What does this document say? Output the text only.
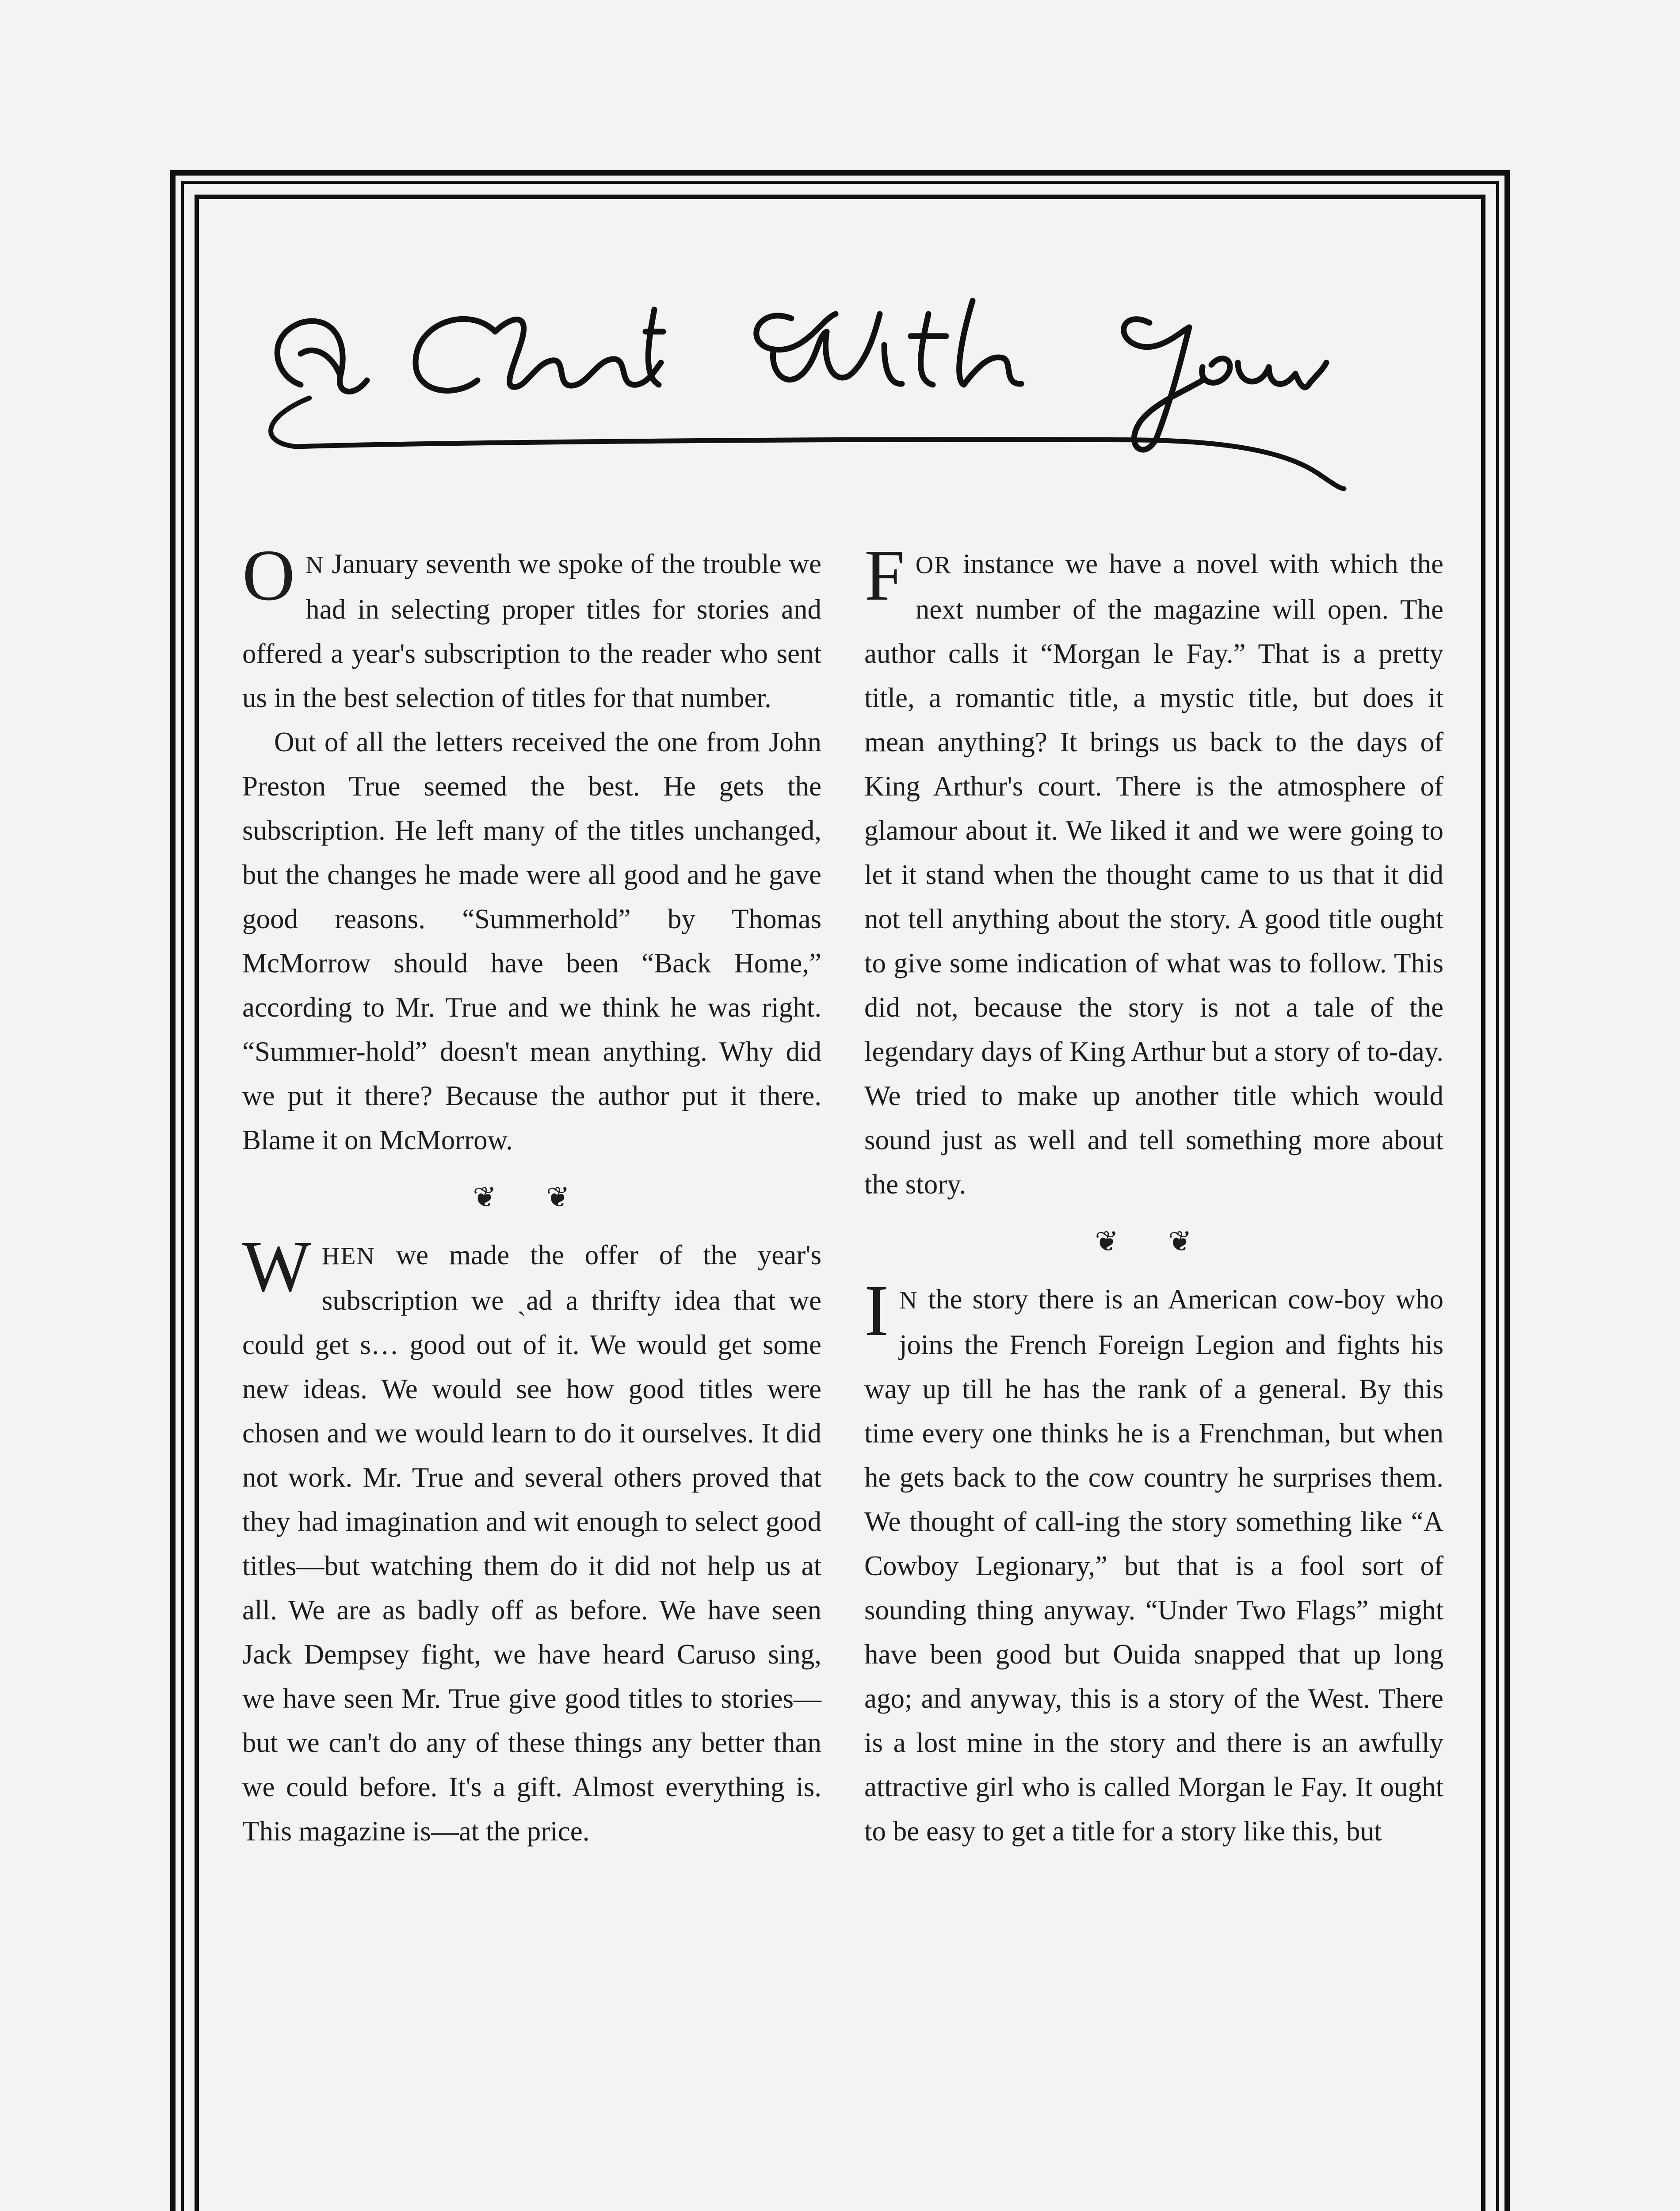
O N January seventh we spoke of the trouble we had in selecting proper titles for stories and offered a year's subscription to the reader who sent us in the best selection of titles for that number.

Out of all the letters received the one from John Preston True seemed the best. He gets the subscription. He left many of the titles unchanged, but the changes he made were all good and he gave good reasons. “Summerhold” by Thomas McMorrow should have been “Back Home,” according to Mr. True and we think he was right. “Summıer-hold” doesn't mean anything. Why did we put it there? Because the author put it there. Blame it on McMorrow.

❦ ❦

WHEN we made the offer of the year's subscription we ˎad a thrifty idea that we could get s… good out of it. We would get some new ideas. We would see how good titles were chosen and we would learn to do it ourselves. It did not work. Mr. True and several others proved that they had imagination and wit enough to select good titles—but watching them do it did not help us at all. We are as badly off as before. We have seen Jack Dempsey fight, we have heard Caruso sing, we have seen Mr. True give good titles to stories—but we can't do any of these things any better than we could before. It's a gift. Almost everything is. This magazine is—at the price.

FOR instance we have a novel with which the next number of the magazine will open. The author calls it “Morgan le Fay.” That is a pretty title, a romantic title, a mystic title, but does it mean anything? It brings us back to the days of King Arthur's court. There is the atmosphere of glamour about it. We liked it and we were going to let it stand when the thought came to us that it did not tell anything about the story. A good title ought to give some indication of what was to follow. This did not, because the story is not a tale of the legendary days of King Arthur but a story of to-day. We tried to make up another title which would sound just as well and tell something more about the story.

❦ ❦

I N the story there is an American cow-boy who joins the French Foreign Legion and fights his way up till he has the rank of a general. By this time every one thinks he is a Frenchman, but when he gets back to the cow country he surprises them. We thought of call-ing the story something like “A Cowboy Legionary,” but that is a fool sort of sounding thing anyway. “Under Two Flags” might have been good but Ouida snapped that up long ago; and anyway, this is a story of the West. There is a lost mine in the story and there is an awfully attractive girl who is called Morgan le Fay. It ought to be easy to get a title for a story like this, but
